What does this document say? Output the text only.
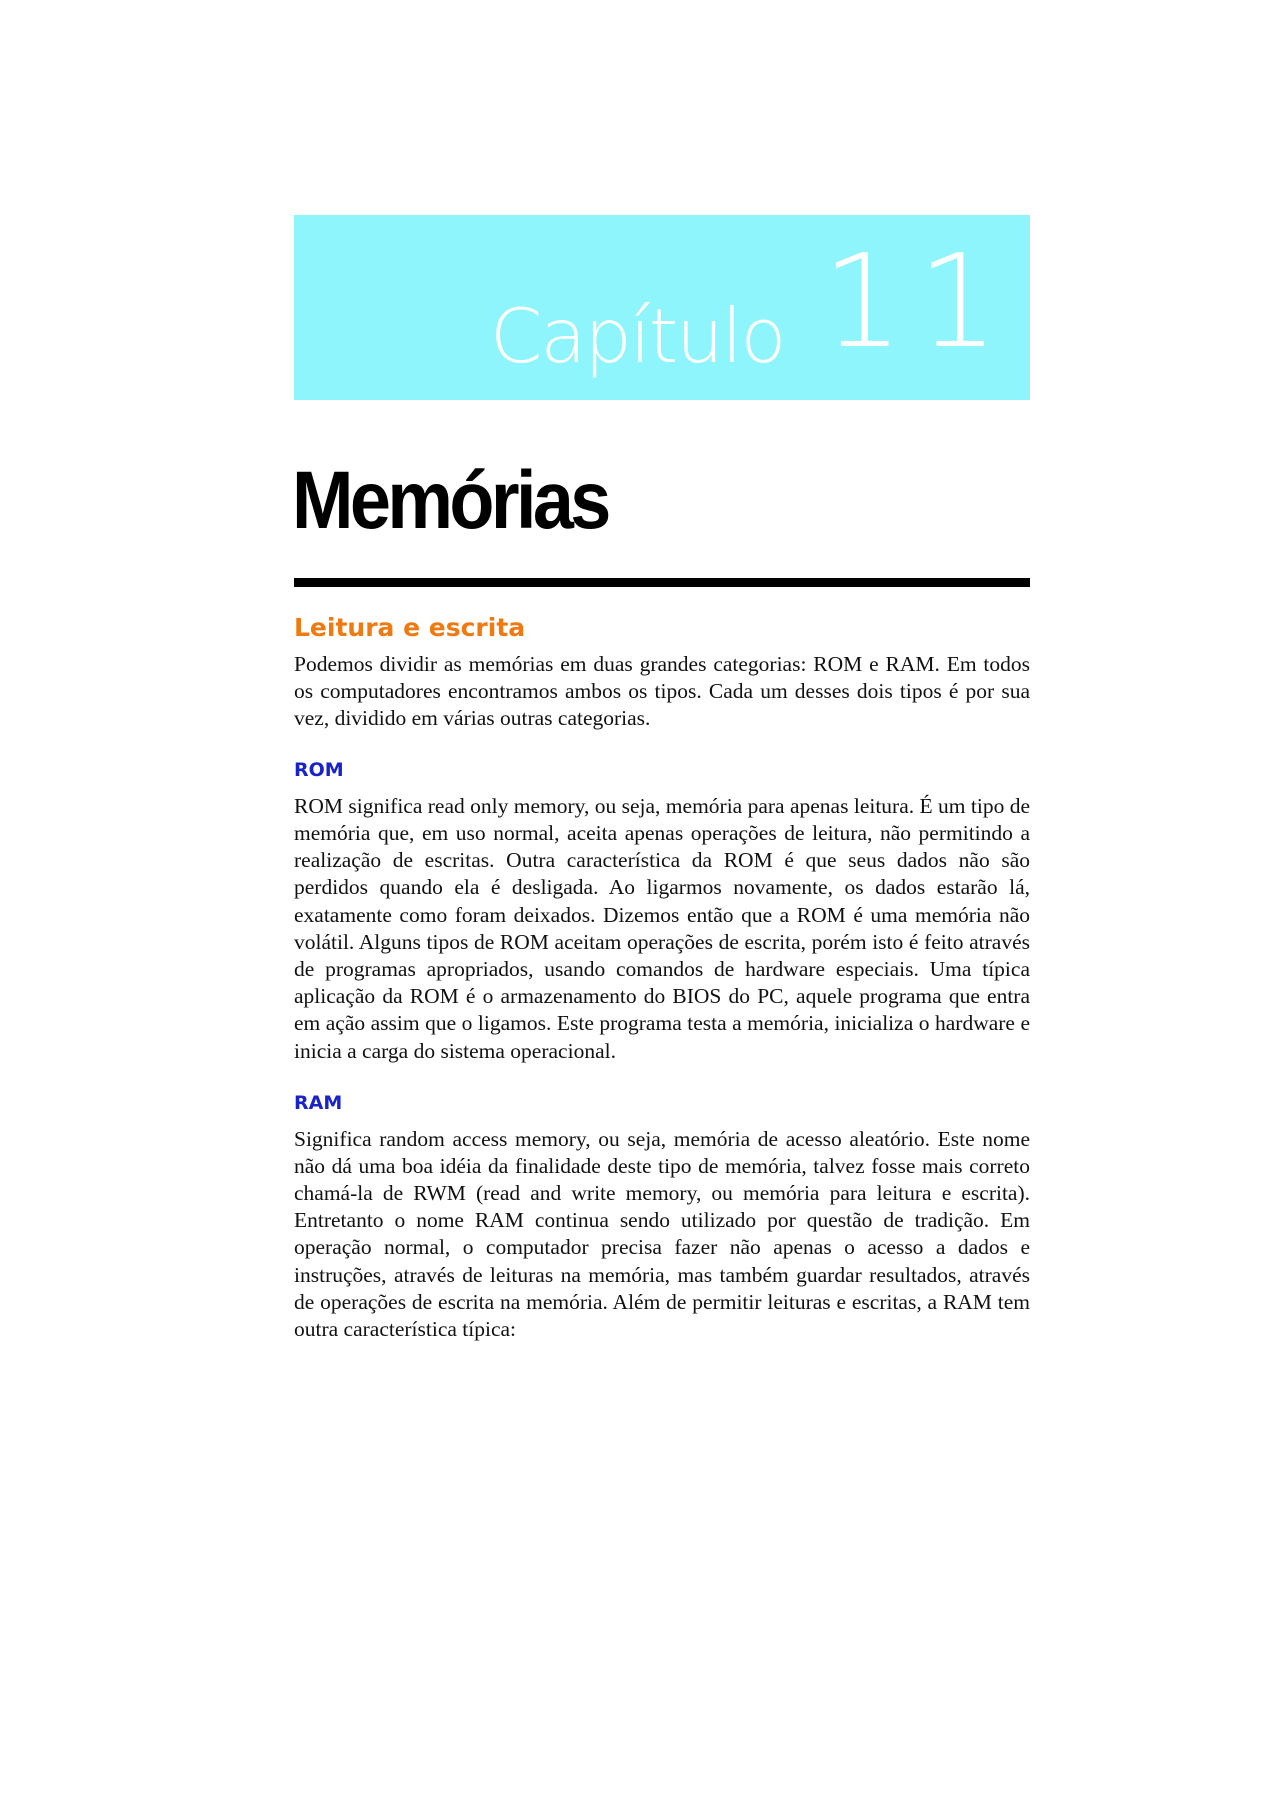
Capítulo 11
Memórias
Leitura e escrita

Podemos dividir as memórias em duas grandes categorias: ROM e RAM. Em todos os computadores encontramos ambos os tipos. Cada um desses dois tipos é por sua vez, dividido em várias outras categorias.

ROM

ROM significa read only memory, ou seja, memória para apenas leitura. É um tipo de memória que, em uso normal, aceita apenas operações de leitura, não permitindo a realização de escritas. Outra característica da ROM é que seus dados não são perdidos quando ela é desligada. Ao ligarmos novamente, os dados estarão lá, exatamente como foram deixados. Dizemos então que a ROM é uma memória não volátil. Alguns tipos de ROM aceitam operações de escrita, porém isto é feito através de programas apropriados, usando comandos de hardware especiais. Uma típica aplicação da ROM é o armazenamento do BIOS do PC, aquele programa que entra em ação assim que o ligamos. Este programa testa a memória, inicializa o hardware e inicia a carga do sistema operacional.

RAM

Significa random access memory, ou seja, memória de acesso aleatório. Este nome não dá uma boa idéia da finalidade deste tipo de memória, talvez fosse mais correto chamá-la de RWM (read and write memory, ou memória para leitura e escrita). Entretanto o nome RAM continua sendo utilizado por questão de tradição. Em operação normal, o computador precisa fazer não apenas o acesso a dados e instruções, através de leituras na memória, mas também guardar resultados, através de operações de escrita na memória. Além de permitir leituras e escritas, a RAM tem outra característica típica:
